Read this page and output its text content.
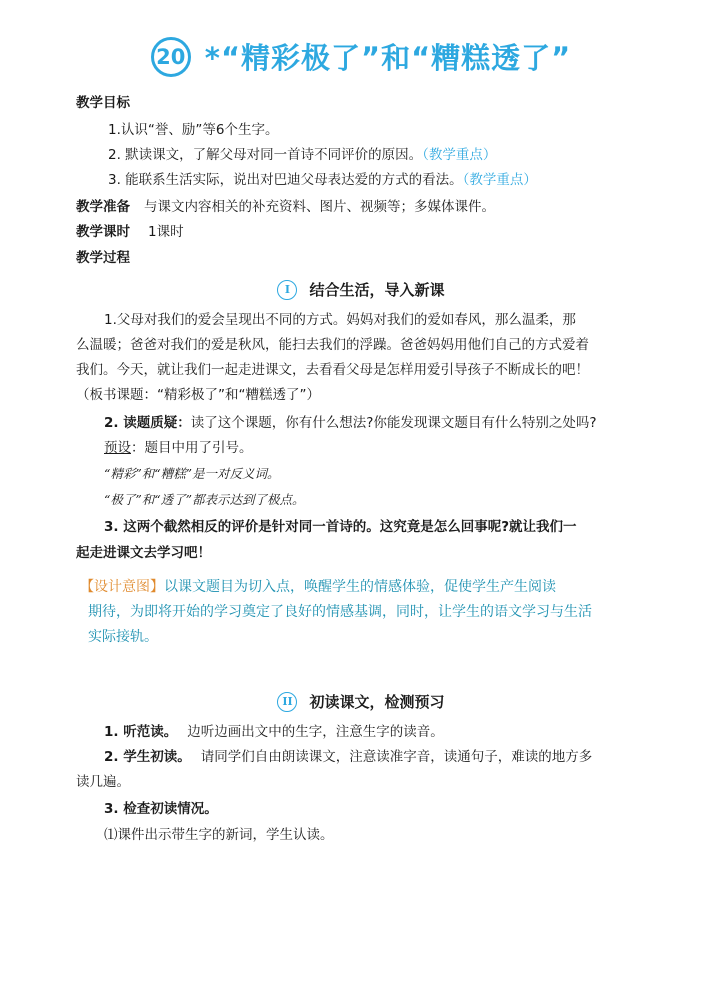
20 *“精彩极了”和“糟糕透了”
教学目标
1.认识“誉、励”等6个生字。
2. 默读课文，了解父母对同一首诗不同评价的原因。（教学重点）
3. 能联系生活实际，说出对巴迪父母表达爱的方式的看法。（教学重点）
教学准备 与课文内容相关的补充资料、图片、视频等；多媒体课件。
教学课时 1课时
教学过程
I	结合生活，导入新课
1.父母对我们的爱会呈现出不同的方式。妈妈对我们的爱如春风，那么温柔，那
么温暖；爸爸对我们的爱是秋风，能扫去我们的浮躁。爸爸妈妈用他们自己的方式爱着
我们。今天，就让我们一起走进课文，去看看父母是怎样用爱引导孩子不断成长的吧！
（板书课题：“精彩极了”和“糟糕透了”）
2. 读题质疑：读了这个课题，你有什么想法?你能发现课文题目有什么特别之处吗?
预设：题目中用了引号。
“精彩”和“糟糕”是一对反义词。
“极了”和“透了”都表示达到了极点。
3. 这两个截然相反的评价是针对同一首诗的。这究竟是怎么回事呢?就让我们一
起走进课文去学习吧！
【设计意图】以课文题目为切入点，唤醒学生的情感体验，促使学生产生阅读
期待，为即将开始的学习奠定了良好的情感基调，同时，让学生的语文学习与生活
实际接轨。
II	初读课文，检测预习
1. 听范读。 边听边画出文中的生字，注意生字的读音。
2. 学生初读。 请同学们自由朗读课文，注意读准字音，读通句子，难读的地方多
读几遍。
3. 检查初读情况。
⑴课件出示带生字的新词，学生认读。
